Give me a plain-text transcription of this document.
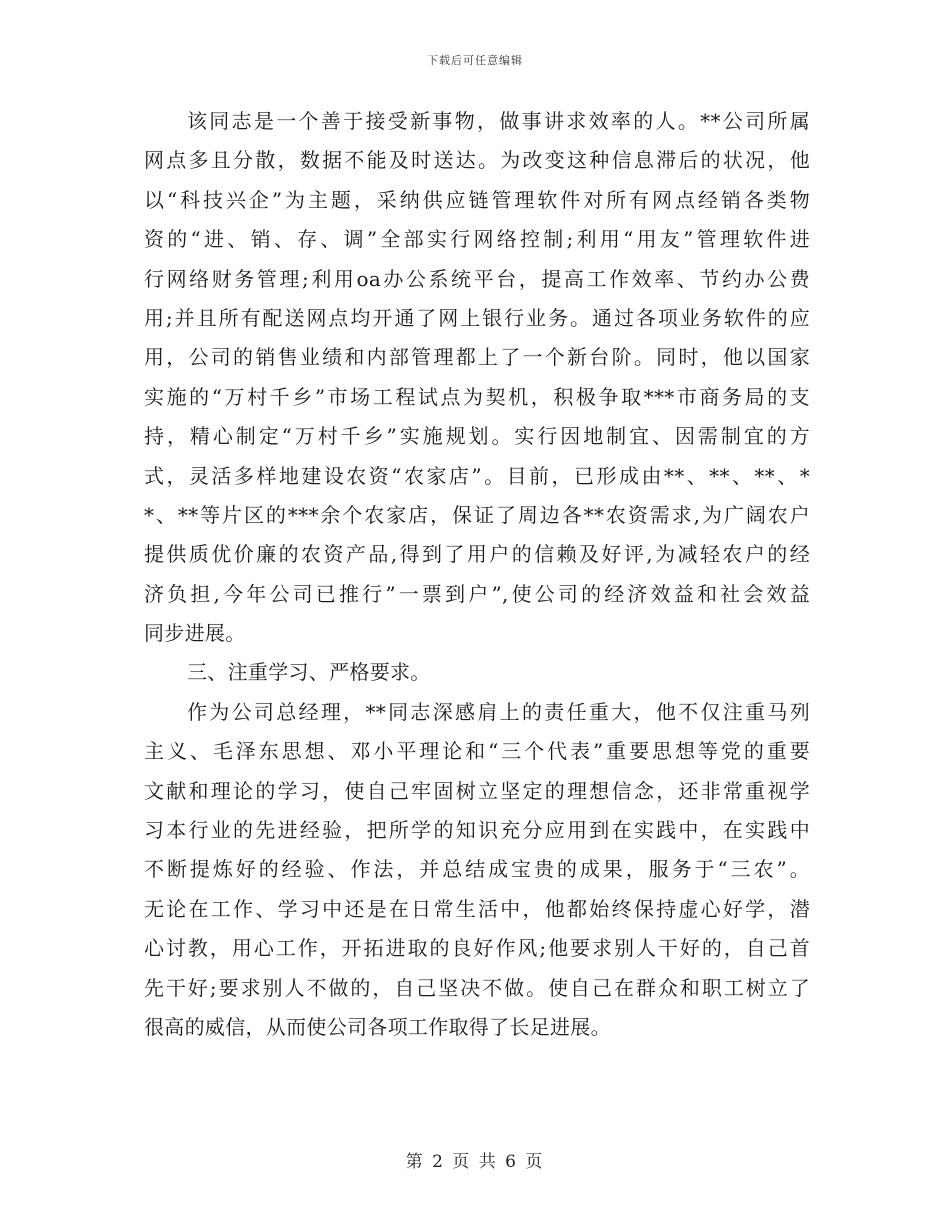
下载后可任意编辑
该同志是一个善于接受新事物，做事讲求效率的人。**公司所属
网点多且分散，数据不能及时送达。为改变这种信息滞后的状况，他
以“科技兴企”为主题，采纳供应链管理软件对所有网点经销各类物
资的“进、销、存、调”全部实行网络控制;利用“用友”管理软件进
行网络财务管理;利用oa办公系统平台，提高工作效率、节约办公费
用;并且所有配送网点均开通了网上银行业务。通过各项业务软件的应
用，公司的销售业绩和内部管理都上了一个新台阶。同时，他以国家
实施的“万村千乡”市场工程试点为契机，积极争取***市商务局的支
持，精心制定“万村千乡”实施规划。实行因地制宜、因需制宜的方
式，灵活多样地建设农资“农家店”。目前，已形成由**、**、**、*
*、**等片区的***余个农家店，保证了周边各**农资需求,为广阔农户
提供质优价廉的农资产品,得到了用户的信赖及好评,为减轻农户的经
济负担,今年公司已推行”一票到户”,使公司的经济效益和社会效益
同步进展。
三、注重学习、严格要求。
作为公司总经理，**同志深感肩上的责任重大，他不仅注重马列
主义、毛泽东思想、邓小平理论和“三个代表”重要思想等党的重要
文献和理论的学习，使自己牢固树立坚定的理想信念，还非常重视学
习本行业的先进经验，把所学的知识充分应用到在实践中，在实践中
不断提炼好的经验、作法，并总结成宝贵的成果，服务于“三农”。
无论在工作、学习中还是在日常生活中，他都始终保持虚心好学，潜
心讨教，用心工作，开拓进取的良好作风;他要求别人干好的，自己首
先干好;要求别人不做的，自己坚决不做。使自己在群众和职工树立了
很高的威信，从而使公司各项工作取得了长足进展。
第 2 页 共 6 页
